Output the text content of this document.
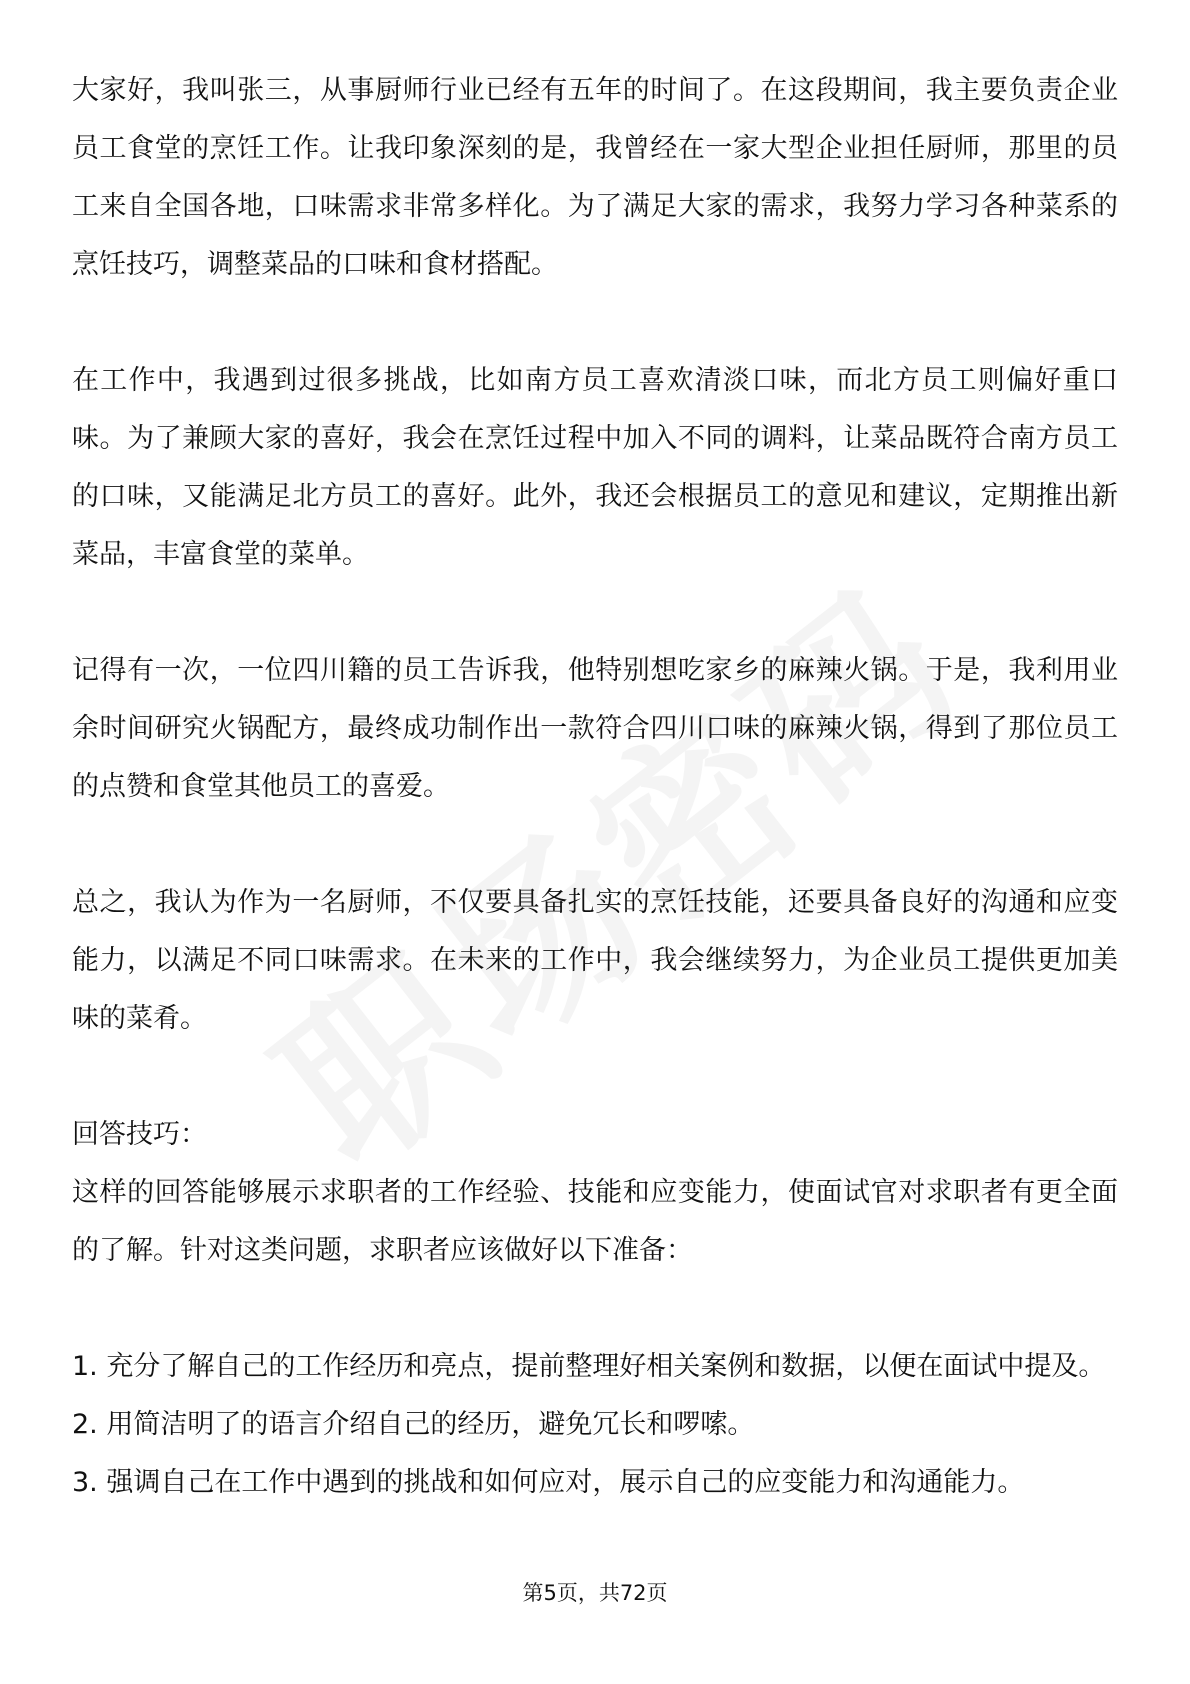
大家好，我叫张三，从事厨师行业已经有五年的时间了。在这段期间，我主要负责企业员工食堂的烹饪工作。让我印象深刻的是，我曾经在一家大型企业担任厨师，那里的员工来自全国各地，口味需求非常多样化。为了满足大家的需求，我努力学习各种菜系的烹饪技巧，调整菜品的口味和食材搭配。

在工作中，我遇到过很多挑战，比如南方员工喜欢清淡口味，而北方员工则偏好重口味。为了兼顾大家的喜好，我会在烹饪过程中加入不同的调料，让菜品既符合南方员工的口味，又能满足北方员工的喜好。此外，我还会根据员工的意见和建议，定期推出新菜品，丰富食堂的菜单。

记得有一次，一位四川籍的员工告诉我，他特别想吃家乡的麻辣火锅。于是，我利用业余时间研究火锅配方，最终成功制作出一款符合四川口味的麻辣火锅，得到了那位员工的点赞和食堂其他员工的喜爱。

总之，我认为作为一名厨师，不仅要具备扎实的烹饪技能，还要具备良好的沟通和应变能力，以满足不同口味需求。在未来的工作中，我会继续努力，为企业员工提供更加美味的菜肴。

回答技巧：

这样的回答能够展示求职者的工作经验、技能和应变能力，使面试官对求职者有更全面的了解。针对这类问题，求职者应该做好以下准备：

1. 充分了解自己的工作经历和亮点，提前整理好相关案例和数据，以便在面试中提及。

2. 用简洁明了的语言介绍自己的经历，避免冗长和啰嗦。

3. 强调自己在工作中遇到的挑战和如何应对，展示自己的应变能力和沟通能力。

第5页，共72页
